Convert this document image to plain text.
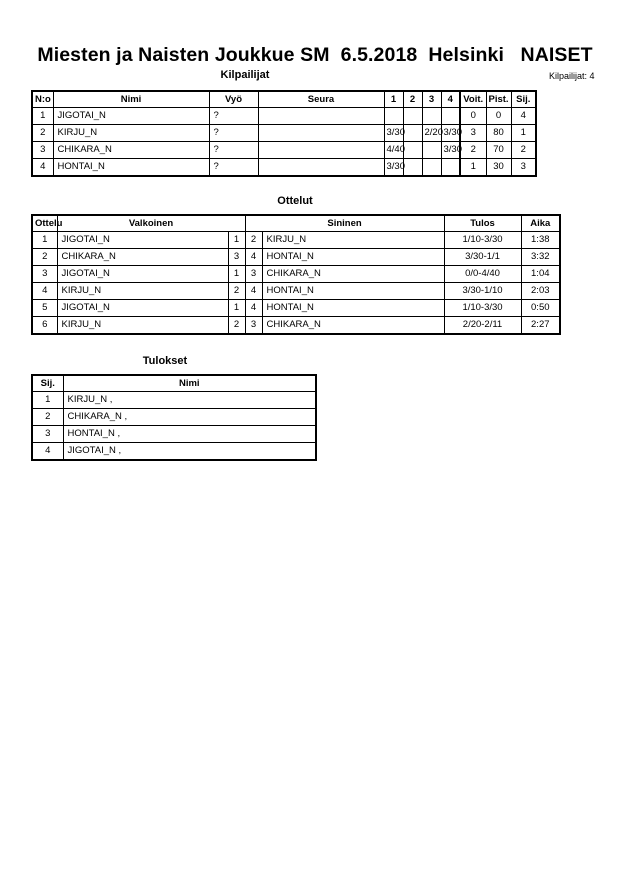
Miesten ja Naisten Joukkue SM  6.5.2018  Helsinki   NAISET
Kilpailijat	Kilpailijat: 4
N:o	Nimi	Vyö	Seura	1	2	3	4	Voit.	Pist.	Sij.
1	JIGOTAI_N	?						0	0	4
2	KIRJU_N	?		3/30		2/20	3/30	3	80	1
3	CHIKARA_N	?		4/40			3/30	2	70	2
4	HONTAI_N	?		3/30				1	30	3
Ottelut
Ottelu	Valkoinen		Sininen		Tulos	Aika
1	JIGOTAI_N	1	2	KIRJU_N	1/10-3/30	1:38
2	CHIKARA_N	3	4	HONTAI_N	3/30-1/1	3:32
3	JIGOTAI_N	1	3	CHIKARA_N	0/0-4/40	1:04
4	KIRJU_N	2	4	HONTAI_N	3/30-1/10	2:03
5	JIGOTAI_N	1	4	HONTAI_N	1/10-3/30	0:50
6	KIRJU_N	2	3	CHIKARA_N	2/20-2/11	2:27
Tulokset
Sij.	Nimi
1	KIRJU_N ,
2	CHIKARA_N ,
3	HONTAI_N ,
4	JIGOTAI_N ,
